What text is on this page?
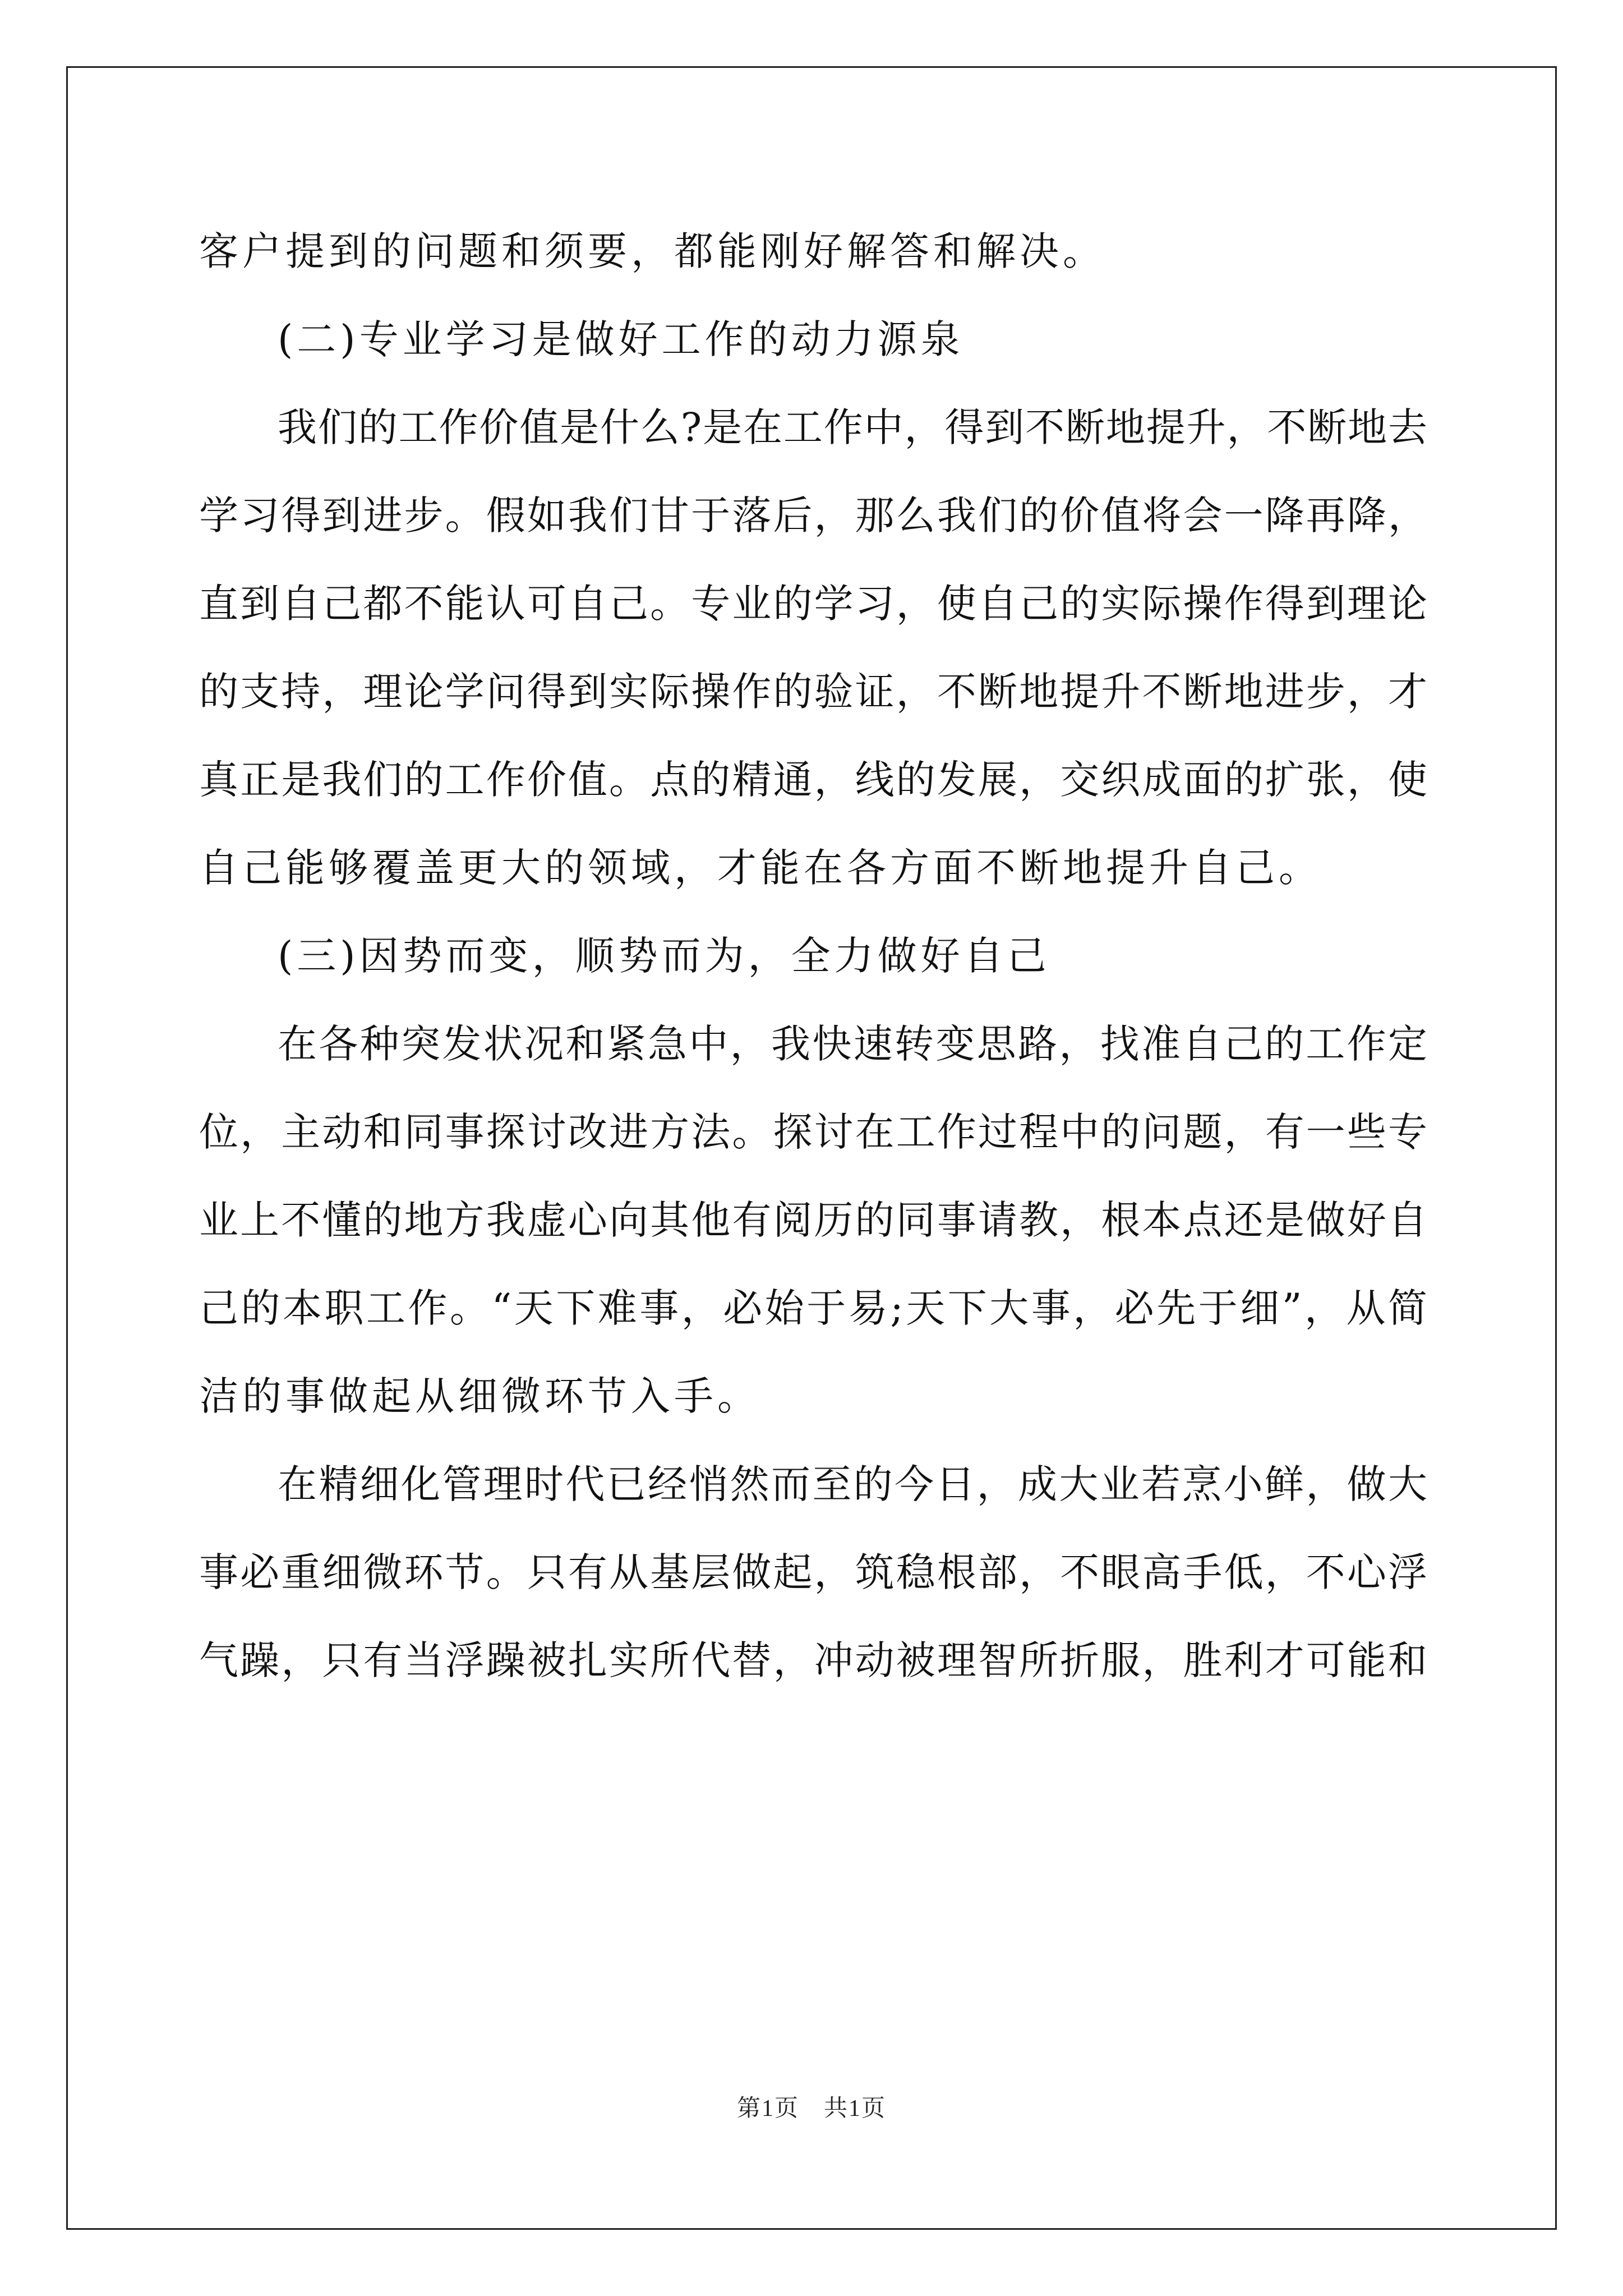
客户提到的问题和须要，都能刚好解答和解决。
(二)专业学习是做好工作的动力源泉
我们的工作价值是什么?是在工作中，得到不断地提升，不断地去
学习得到进步。假如我们甘于落后，那么我们的价值将会一降再降，
直到自己都不能认可自己。专业的学习，使自己的实际操作得到理论
的支持，理论学问得到实际操作的验证，不断地提升不断地进步，才
真正是我们的工作价值。点的精通，线的发展，交织成面的扩张，使
自己能够覆盖更大的领域，才能在各方面不断地提升自己。
(三)因势而变，顺势而为，全力做好自己
在各种突发状况和紧急中，我快速转变思路，找准自己的工作定
位，主动和同事探讨改进方法。探讨在工作过程中的问题，有一些专
业上不懂的地方我虚心向其他有阅历的同事请教，根本点还是做好自
己的本职工作。“天下难事，必始于易;天下大事，必先于细”，从简
洁的事做起从细微环节入手。
在精细化管理时代已经悄然而至的今日，成大业若烹小鲜，做大
事必重细微环节。只有从基层做起，筑稳根部，不眼高手低，不心浮
气躁，只有当浮躁被扎实所代替，冲动被理智所折服，胜利才可能和
第1页 共1页
